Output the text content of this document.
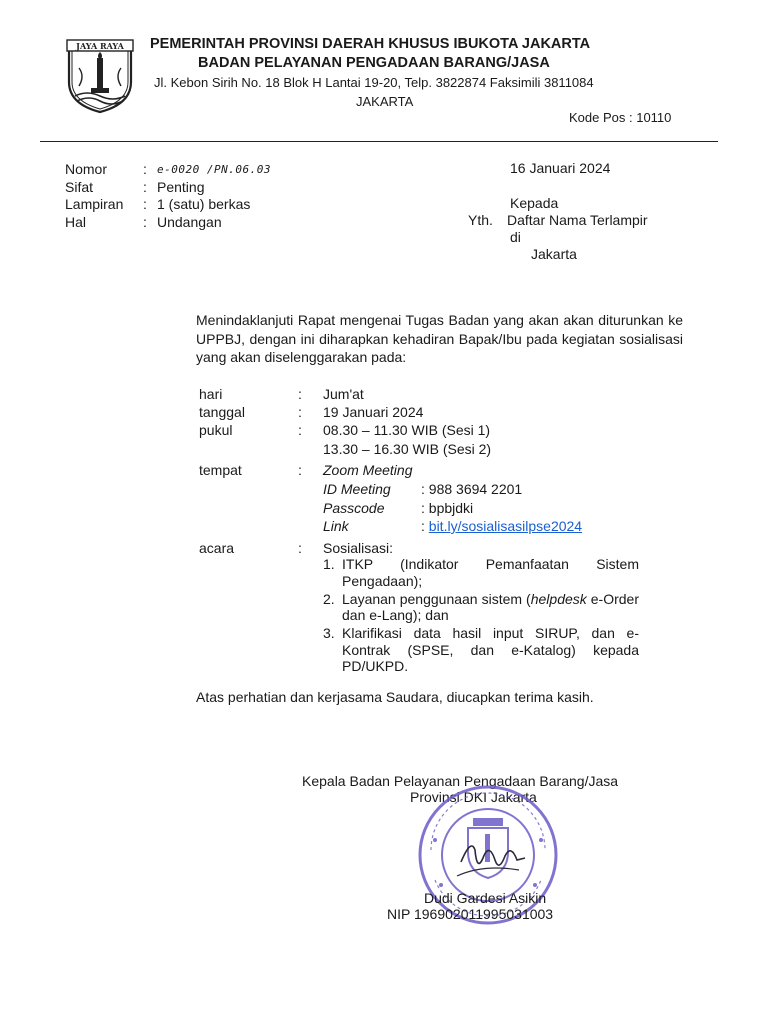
JAYA RAYA PEMERINTAH PROVINSI DAERAH KHUSUS IBUKOTA JAKARTA
BADAN PELAYANAN PENGADAAN BARANG/JASA
Jl. Kebon Sirih No. 18 Blok H Lantai 19-20, Telp. 3822874 Faksimili 3811084
JAKARTA
Kode Pos : 10110
Nomor	:	e-0020 /PN.06.03
Sifat	:	Penting
Lampiran	:	1 (satu) berkas
Hal	:	Undangan
16 Januari 2024
Kepada
Yth. Daftar Nama Terlampir
di
Jakarta
Menindaklanjuti Rapat mengenai Tugas Badan yang akan akan diturunkan ke UPPBJ, dengan ini diharapkan kehadiran Bapak/Ibu pada kegiatan sosialisasi yang akan diselenggarakan pada:
hari	: Jum'at
tanggal	: 19 Januari 2024
pukul	: 08.30 – 11.30 WIB (Sesi 1)
13.30 – 16.30 WIB (Sesi 2)
tempat	: Zoom Meeting
ID Meeting : 988 3694 2201
Passcode	: bpbjdki
Link	: bit.ly/sosialisasilpse2024
acara	: Sosialisasi:
1. ITKP (Indikator Pemanfaatan Sistem Pengadaan);
2. Layanan penggunaan sistem (helpdesk e-Order dan e-Lang); dan
3. Klarifikasi data hasil input SIRUP, dan e-Kontrak (SPSE, dan e-Katalog) kepada PD/UKPD.
Atas perhatian dan kerjasama Saudara, diucapkan terima kasih.
Kepala Badan Pelayanan Pengadaan Barang/Jasa
Provinsi DKI Jakarta
Dudi Gardesi Asikin
NIP 196902011995031003
